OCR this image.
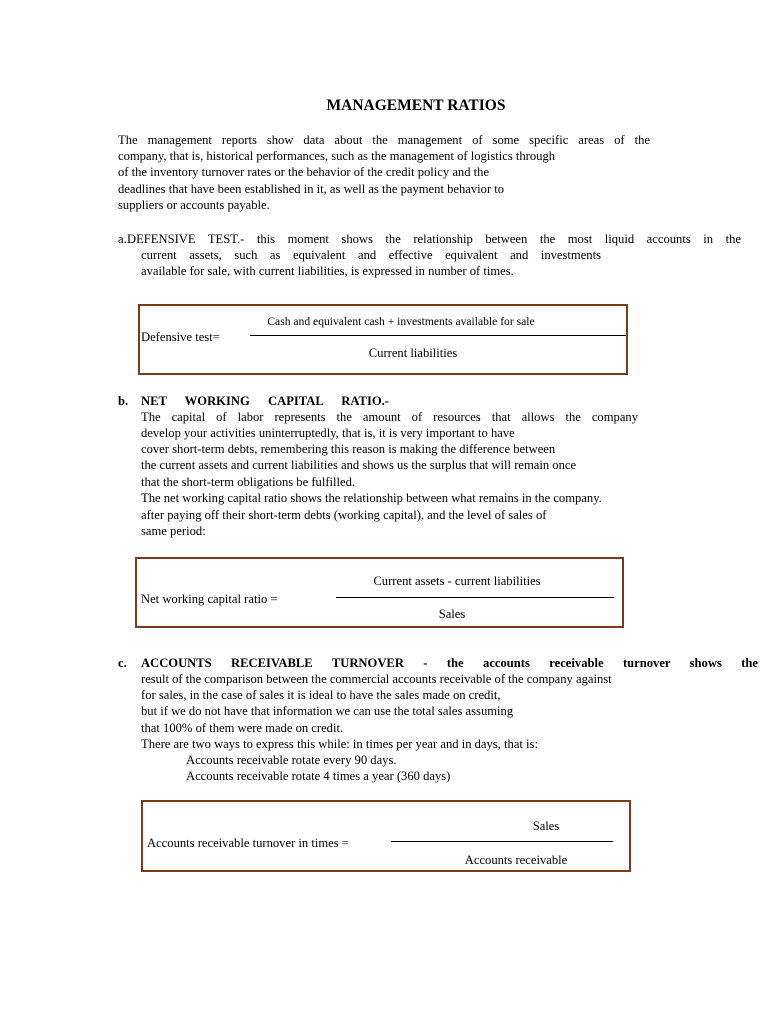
MANAGEMENT RATIOS
The management reports show data about the management of some specific areas of the
company, that is, historical performances, such as the management of logistics through
of the inventory turnover rates or the behavior of the credit policy and the
deadlines that have been established in it, as well as the payment behavior to
suppliers or accounts payable.
a. DEFENSIVE TEST.- this moment shows the relationship between the most liquid accounts in the
current assets, such as equivalent and effective equivalent and investments
available for sale, with current liabilities, is expressed in number of times.
Cash and equivalent cash + investments available for sale
Defensive test=
Current liabilities
b. NET WORKING CAPITAL RATIO.-
The capital of labor represents the amount of resources that allows the company
develop your activities uninterruptedly, that is, it is very important to have
cover short-term debts, remembering this reason is making the difference between
the current assets and current liabilities and shows us the surplus that will remain once
that the short-term obligations be fulfilled.
The net working capital ratio shows the relationship between what remains in the company.
after paying off their short-term debts (working capital), and the level of sales of
same period:
Current assets - current liabilities
Net working capital ratio =
Sales
c. ACCOUNTS RECEIVABLE TURNOVER - the accounts receivable turnover shows the
result of the comparison between the commercial accounts receivable of the company against
for sales, in the case of sales it is ideal to have the sales made on credit,
but if we do not have that information we can use the total sales assuming
that 100% of them were made on credit.
There are two ways to express this while: in times per year and in days, that is:
Accounts receivable rotate every 90 days.
Accounts receivable rotate 4 times a year (360 days)
Sales
Accounts receivable turnover in times =
Accounts receivable
